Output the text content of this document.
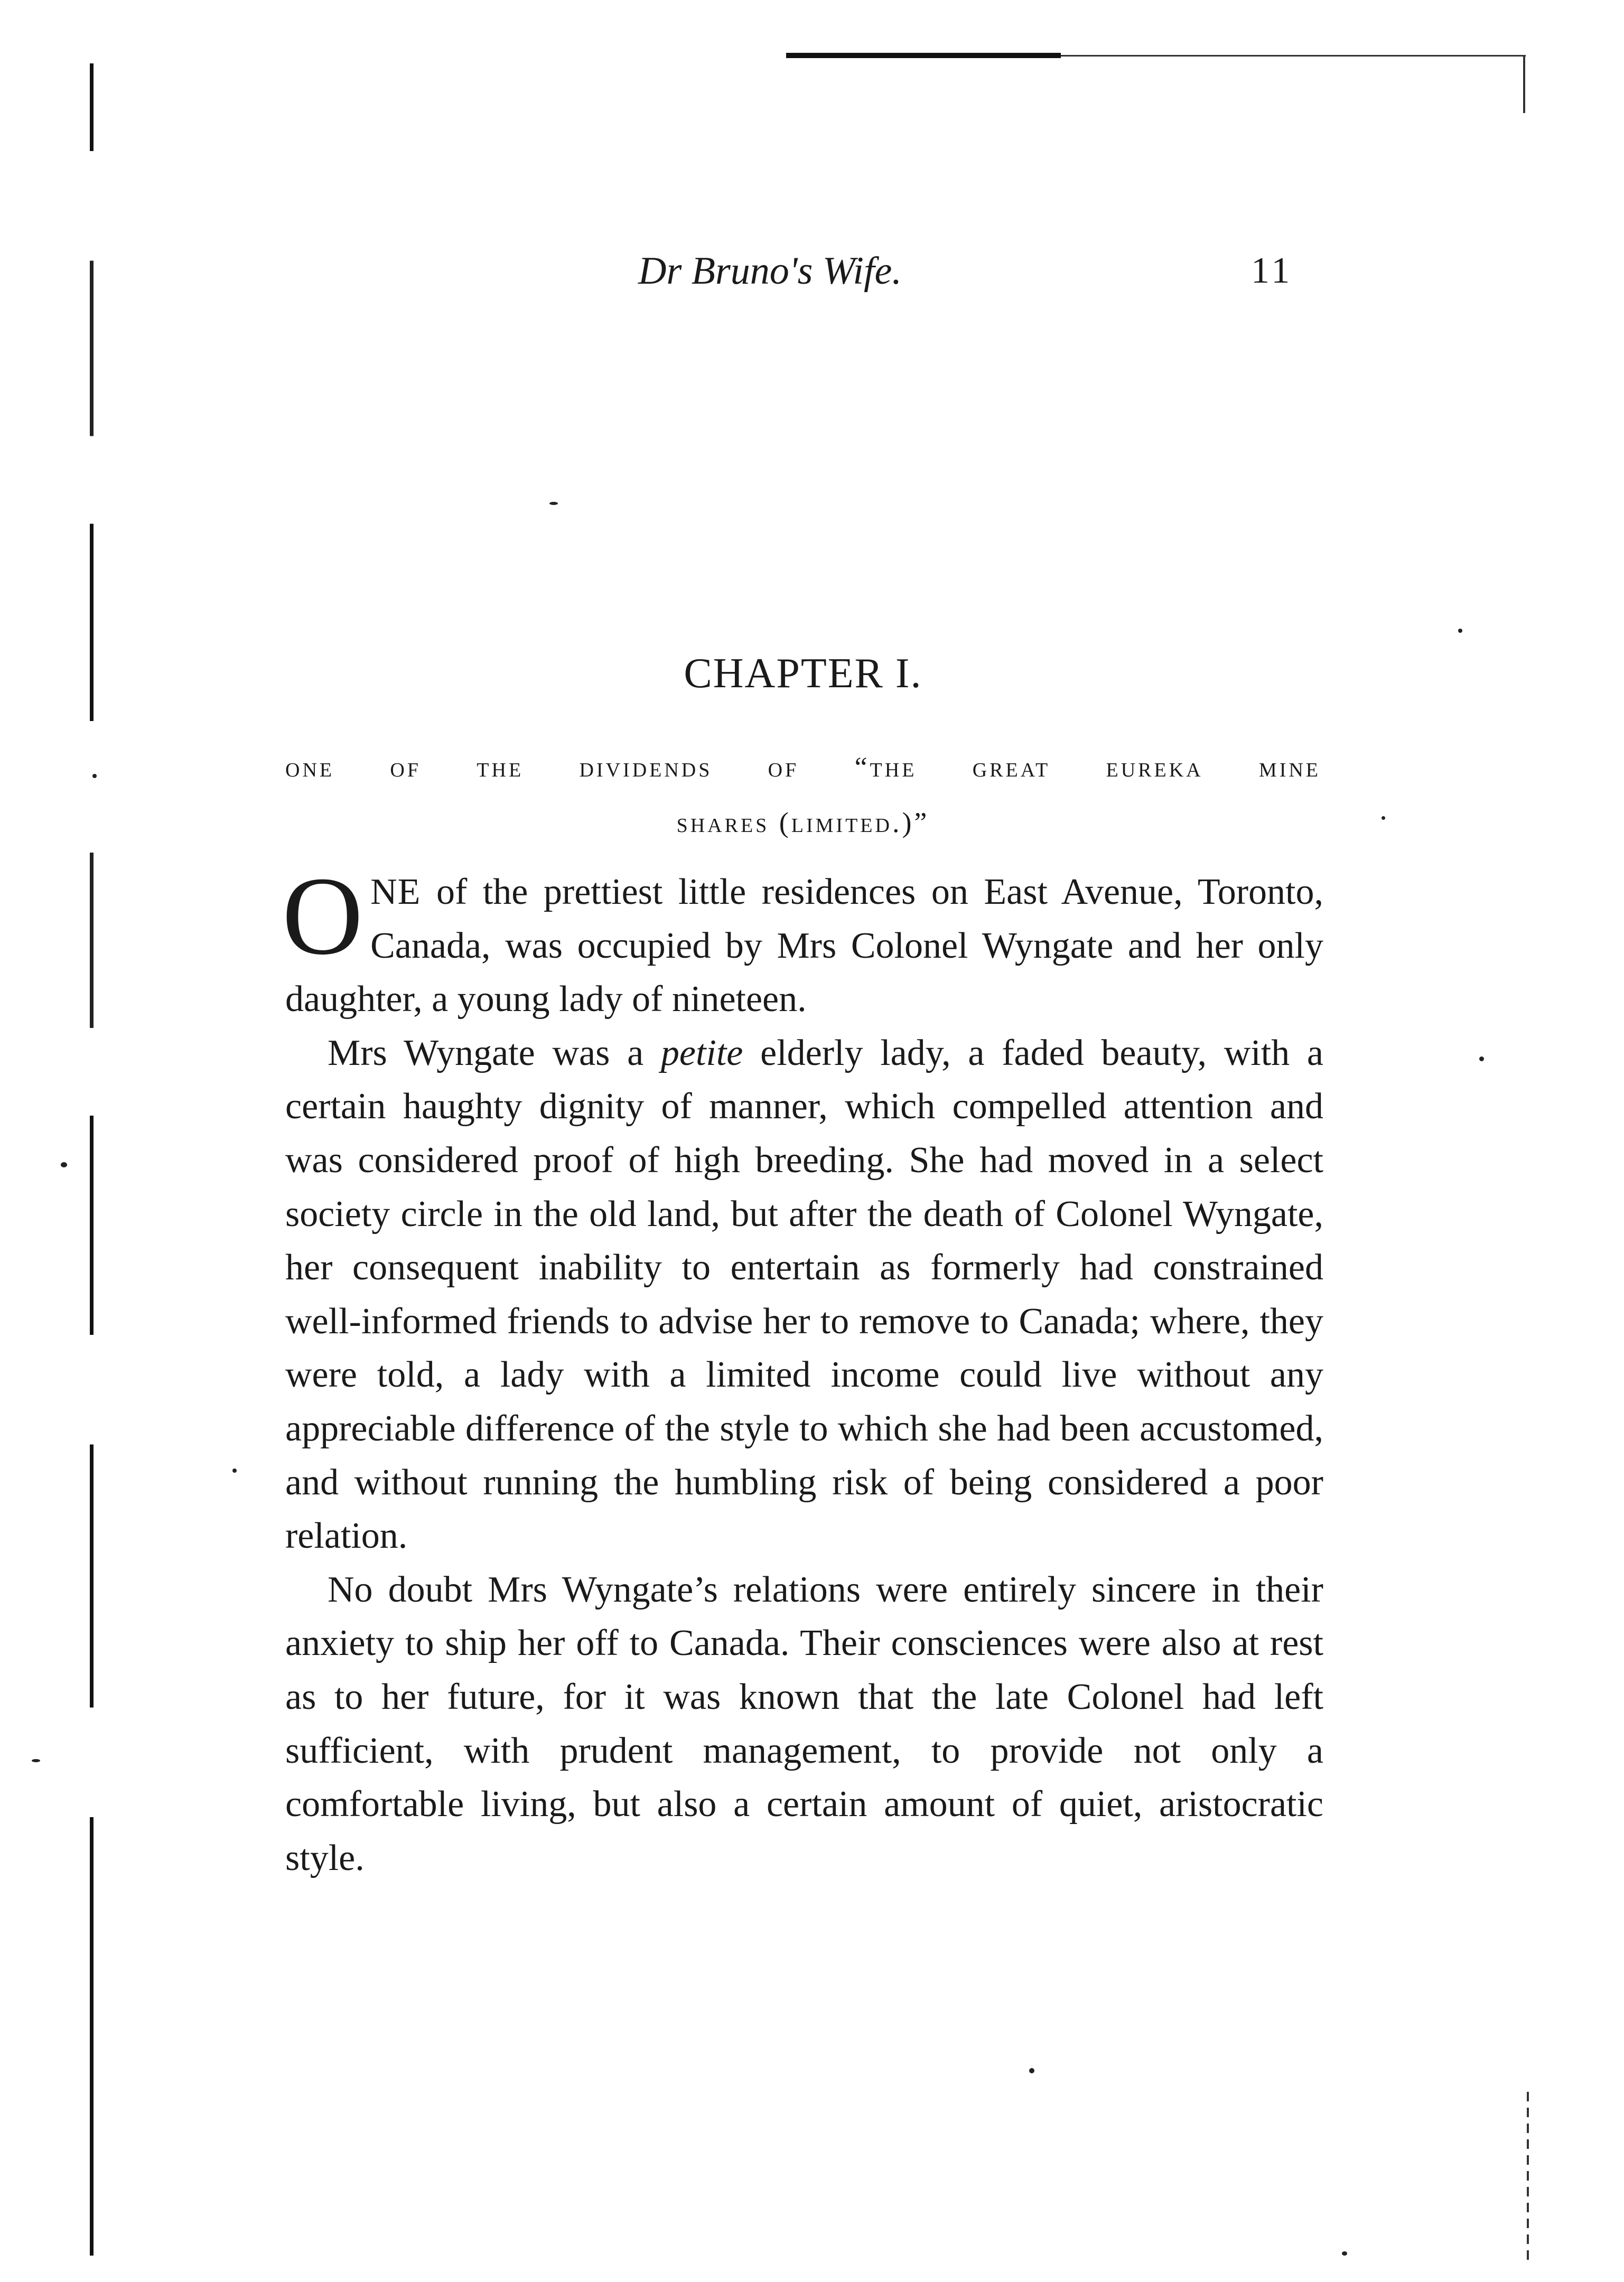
Dr Bruno's Wife.	11
CHAPTER I.
one of the dividends of “the great eureka mine
shares (limited.)”

ONE of the prettiest little residences on East Avenue, Toronto, Canada, was occupied by Mrs Colonel Wyngate and her only daughter, a young lady of nineteen.

Mrs Wyngate was a petite elderly lady, a faded beauty, with a certain haughty dignity of manner, which compelled attention and was considered proof of high breeding. She had moved in a select society circle in the old land, but after the death of Colonel Wyngate, her consequent inability to entertain as formerly had constrained well-informed friends to advise her to remove to Canada; where, they were told, a lady with a limited income could live without any appreciable difference of the style to which she had been accustomed, and without running the humbling risk of being considered a poor relation.

No doubt Mrs Wyngate’s relations were entirely sincere in their anxiety to ship her off to Canada. Their consciences were also at rest as to her future, for it was known that the late Colonel had left sufficient, with prudent management, to provide not only a comfortable living, but also a certain amount of quiet, aristocratic style.
